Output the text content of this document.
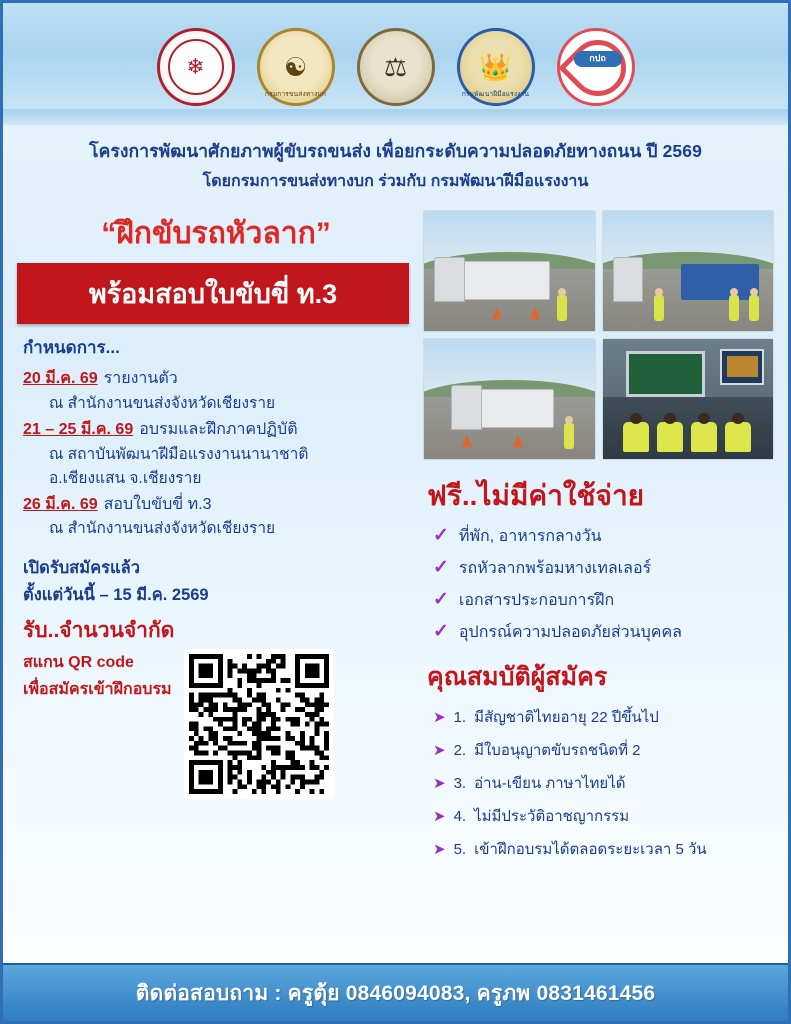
❄	☯
กรมการขนส่งทางบก
⚖	👑
กรมพัฒนาฝีมือแรงงาน
กปถ
โครงการพัฒนาศักยภาพผู้ขับรถขนส่ง เพื่อยกระดับความปลอดภัยทางถนน ปี 2569
โดยกรมการขนส่งทางบก ร่วมกับ กรมพัฒนาฝีมือแรงงาน
“ฝึกขับรถหัวลาก”
พร้อมสอบใบขับขี่ ท.3
กำหนดการ...
20 มี.ค. 69 รายงานตัว
ณ สำนักงานขนส่งจังหวัดเชียงราย
21 – 25 มี.ค. 69 อบรมและฝึกภาคปฏิบัติ
ณ สถาบันพัฒนาฝีมือแรงงานนานาชาติ
อ.เชียงแสน จ.เชียงราย
26 มี.ค. 69 สอบใบขับขี่ ท.3
ณ สำนักงานขนส่งจังหวัดเชียงราย
เปิดรับสมัครแล้ว
ตั้งแต่วันนี้ – 15 มี.ค. 2569
รับ..จำนวนจำกัด
สแกน QR code
เพื่อสมัครเข้าฝึกอบรม
ฟรี..ไม่มีค่าใช้จ่าย
✓ ที่พัก, อาหารกลางวัน
✓ รถหัวลากพร้อมหางเทลเลอร์
✓ เอกสารประกอบการฝึก
✓ อุปกรณ์ความปลอดภัยส่วนบุคคล
คุณสมบัติผู้สมัคร
➤ 1. มีสัญชาติไทยอายุ 22 ปีขึ้นไป
➤ 2. มีใบอนุญาตขับรถชนิดที่ 2
➤ 3. อ่าน-เขียน ภาษาไทยได้
➤ 4. ไม่มีประวัติอาชญากรรม
➤ 5. เข้าฝึกอบรมได้ตลอดระยะเวลา 5 วัน
ติดต่อสอบถาม : ครูตุ้ย 0846094083, ครูภพ 0831461456
